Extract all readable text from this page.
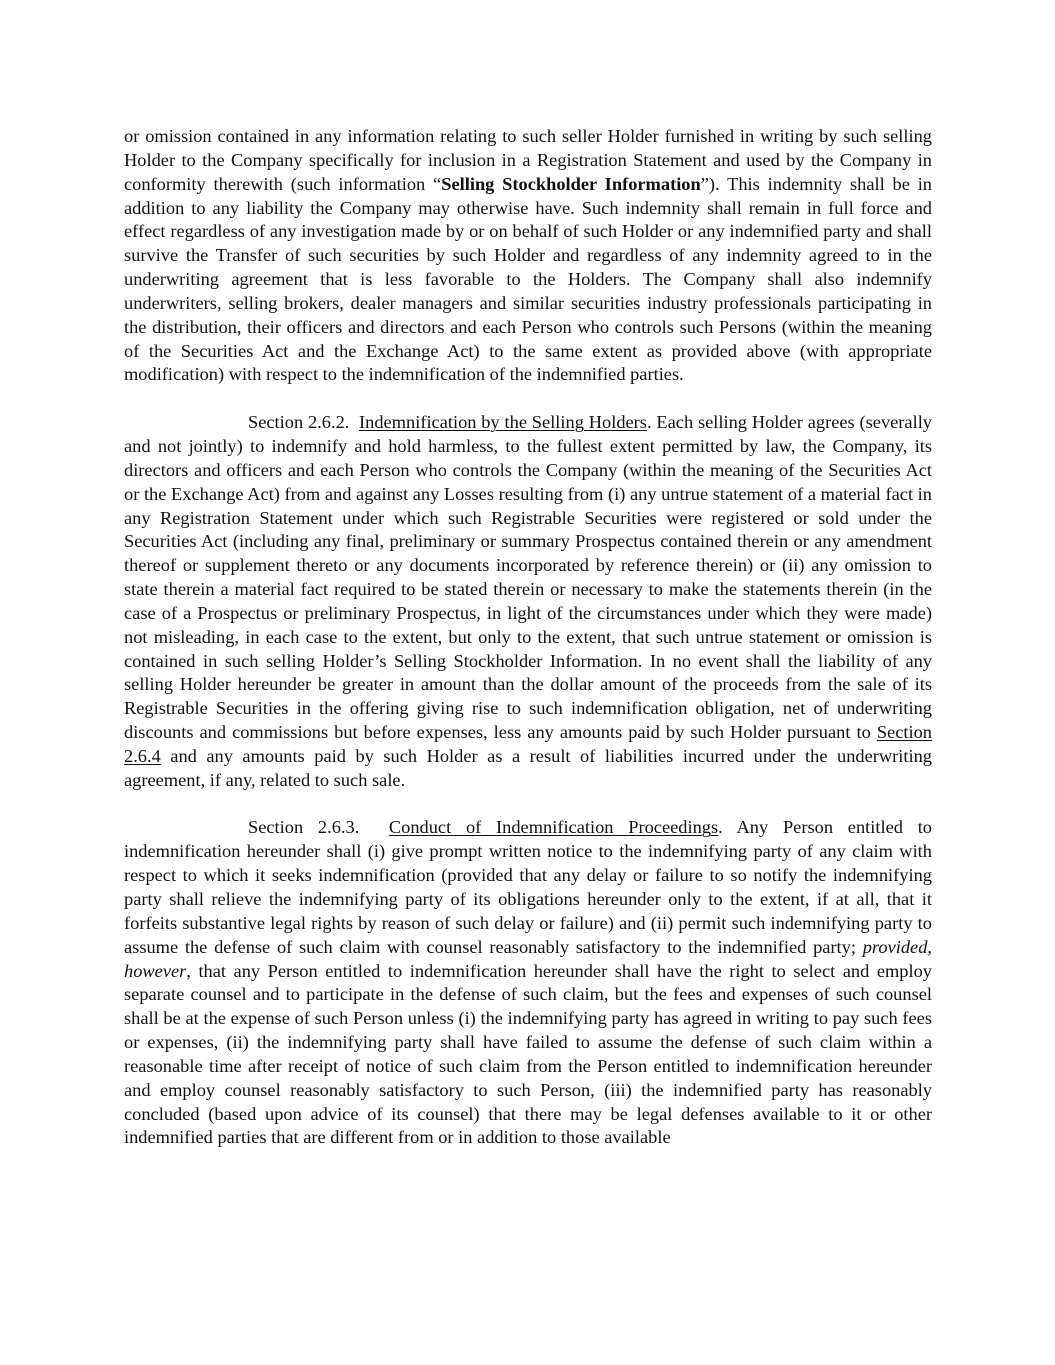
or omission contained in any information relating to such seller Holder furnished in writing by such selling Holder to the Company specifically for inclusion in a Registration Statement and used by the Company in conformity therewith (such information “Selling Stockholder Information”). This indemnity shall be in addition to any liability the Company may otherwise have. Such indemnity shall remain in full force and effect regardless of any investigation made by or on behalf of such Holder or any indemnified party and shall survive the Transfer of such securities by such Holder and regardless of any indemnity agreed to in the underwriting agreement that is less favorable to the Holders. The Company shall also indemnify underwriters, selling brokers, dealer managers and similar securities industry professionals participating in the distribution, their officers and directors and each Person who controls such Persons (within the meaning of the Securities Act and the Exchange Act) to the same extent as provided above (with appropriate modification) with respect to the indemnification of the indemnified parties.

Section 2.6.2. Indemnification by the Selling Holders. Each selling Holder agrees (severally and not jointly) to indemnify and hold harmless, to the fullest extent permitted by law, the Company, its directors and officers and each Person who controls the Company (within the meaning of the Securities Act or the Exchange Act) from and against any Losses resulting from (i) any untrue statement of a material fact in any Registration Statement under which such Registrable Securities were registered or sold under the Securities Act (including any final, preliminary or summary Prospectus contained therein or any amendment thereof or supplement thereto or any documents incorporated by reference therein) or (ii) any omission to state therein a material fact required to be stated therein or necessary to make the statements therein (in the case of a Prospectus or preliminary Prospectus, in light of the circumstances under which they were made) not misleading, in each case to the extent, but only to the extent, that such untrue statement or omission is contained in such selling Holder’s Selling Stockholder Information. In no event shall the liability of any selling Holder hereunder be greater in amount than the dollar amount of the proceeds from the sale of its Registrable Securities in the offering giving rise to such indemnification obligation, net of underwriting discounts and commissions but before expenses, less any amounts paid by such Holder pursuant to Section 2.6.4 and any amounts paid by such Holder as a result of liabilities incurred under the underwriting agreement, if any, related to such sale.

Section 2.6.3. Conduct of Indemnification Proceedings. Any Person entitled to indemnification hereunder shall (i) give prompt written notice to the indemnifying party of any claim with respect to which it seeks indemnification (provided that any delay or failure to so notify the indemnifying party shall relieve the indemnifying party of its obligations hereunder only to the extent, if at all, that it forfeits substantive legal rights by reason of such delay or failure) and (ii) permit such indemnifying party to assume the defense of such claim with counsel reasonably satisfactory to the indemnified party; provided, however, that any Person entitled to indemnification hereunder shall have the right to select and employ separate counsel and to participate in the defense of such claim, but the fees and expenses of such counsel shall be at the expense of such Person unless (i) the indemnifying party has agreed in writing to pay such fees or expenses, (ii) the indemnifying party shall have failed to assume the defense of such claim within a reasonable time after receipt of notice of such claim from the Person entitled to indemnification hereunder and employ counsel reasonably satisfactory to such Person, (iii) the indemnified party has reasonably concluded (based upon advice of its counsel) that there may be legal defenses available to it or other indemnified parties that are different from or in addition to those available
